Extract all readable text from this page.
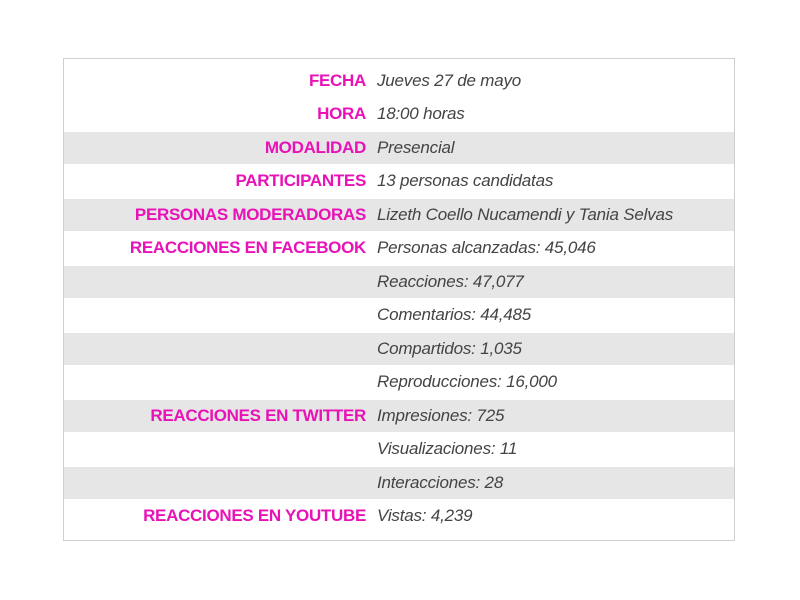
FECHA Jueves 27 de mayo
HORA 18:00 horas
MODALIDAD Presencial
PARTICIPANTES 13 personas candidatas
PERSONAS MODERADORAS Lizeth Coello Nucamendi y Tania Selvas
REACCIONES EN FACEBOOK Personas alcanzadas: 45,046
Reacciones: 47,077
Comentarios: 44,485
Compartidos: 1,035
Reproducciones: 16,000
REACCIONES EN TWITTER Impresiones: 725
Visualizaciones: 11
Interacciones: 28
REACCIONES EN YOUTUBE Vistas: 4,239
